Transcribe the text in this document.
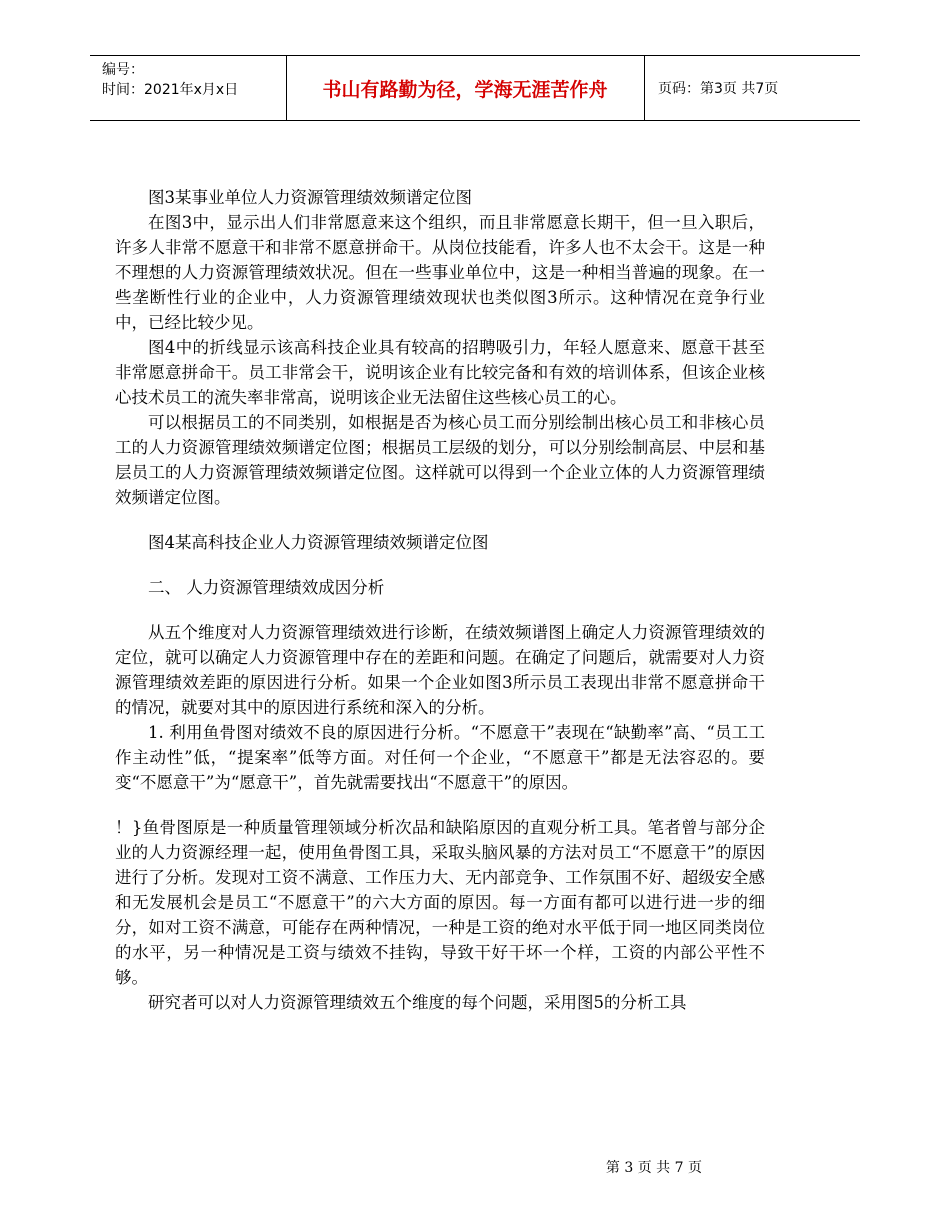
编号：
时间：2021年x月x日	书山有路勤为径，学海无涯苦作舟	页码：第3页 共7页

图3某事业单位人力资源管理绩效频谱定位图

在图3中，显示出人们非常愿意来这个组织，而且非常愿意长期干，但一旦入职后，许多人非常不愿意干和非常不愿意拼命干。从岗位技能看，许多人也不太会干。这是一种不理想的人力资源管理绩效状况。但在一些事业单位中，这是一种相当普遍的现象。在一些垄断性行业的企业中，人力资源管理绩效现状也类似图3所示。这种情况在竞争行业中，已经比较少见。

图4中的折线显示该高科技企业具有较高的招聘吸引力，年轻人愿意来、愿意干甚至非常愿意拼命干。员工非常会干，说明该企业有比较完备和有效的培训体系，但该企业核心技术员工的流失率非常高，说明该企业无法留住这些核心员工的心。

可以根据员工的不同类别，如根据是否为核心员工而分别绘制出核心员工和非核心员工的人力资源管理绩效频谱定位图；根据员工层级的划分，可以分别绘制高层、中层和基层员工的人力资源管理绩效频谱定位图。这样就可以得到一个企业立体的人力资源管理绩效频谱定位图。

图4某高科技企业人力资源管理绩效频谱定位图

二、 人力资源管理绩效成因分析

从五个维度对人力资源管理绩效进行诊断，在绩效频谱图上确定人力资源管理绩效的定位，就可以确定人力资源管理中存在的差距和问题。在确定了问题后，就需要对人力资源管理绩效差距的原因进行分析。如果一个企业如图3所示员工表现出非常不愿意拼命干的情况，就要对其中的原因进行系统和深入的分析。

1. 利用鱼骨图对绩效不良的原因进行分析。“不愿意干”表现在“缺勤率”高、“员工工作主动性”低，“提案率”低等方面。对任何一个企业，“不愿意干”都是无法容忍的。要变“不愿意干”为“愿意干”，首先就需要找出“不愿意干”的原因。

！}鱼骨图原是一种质量管理领域分析次品和缺陷原因的直观分析工具。笔者曾与部分企业的人力资源经理一起，使用鱼骨图工具，采取头脑风暴的方法对员工“不愿意干”的原因进行了分析。发现对工资不满意、工作压力大、无内部竞争、工作氛围不好、超级安全感和无发展机会是员工“不愿意干”的六大方面的原因。每一方面有都可以进行进一步的细分，如对工资不满意，可能存在两种情况，一种是工资的绝对水平低于同一地区同类岗位的水平，另一种情况是工资与绩效不挂钩，导致干好干坏一个样，工资的内部公平性不够。

研究者可以对人力资源管理绩效五个维度的每个问题，采用图5的分析工具

第 3 页 共 7 页
